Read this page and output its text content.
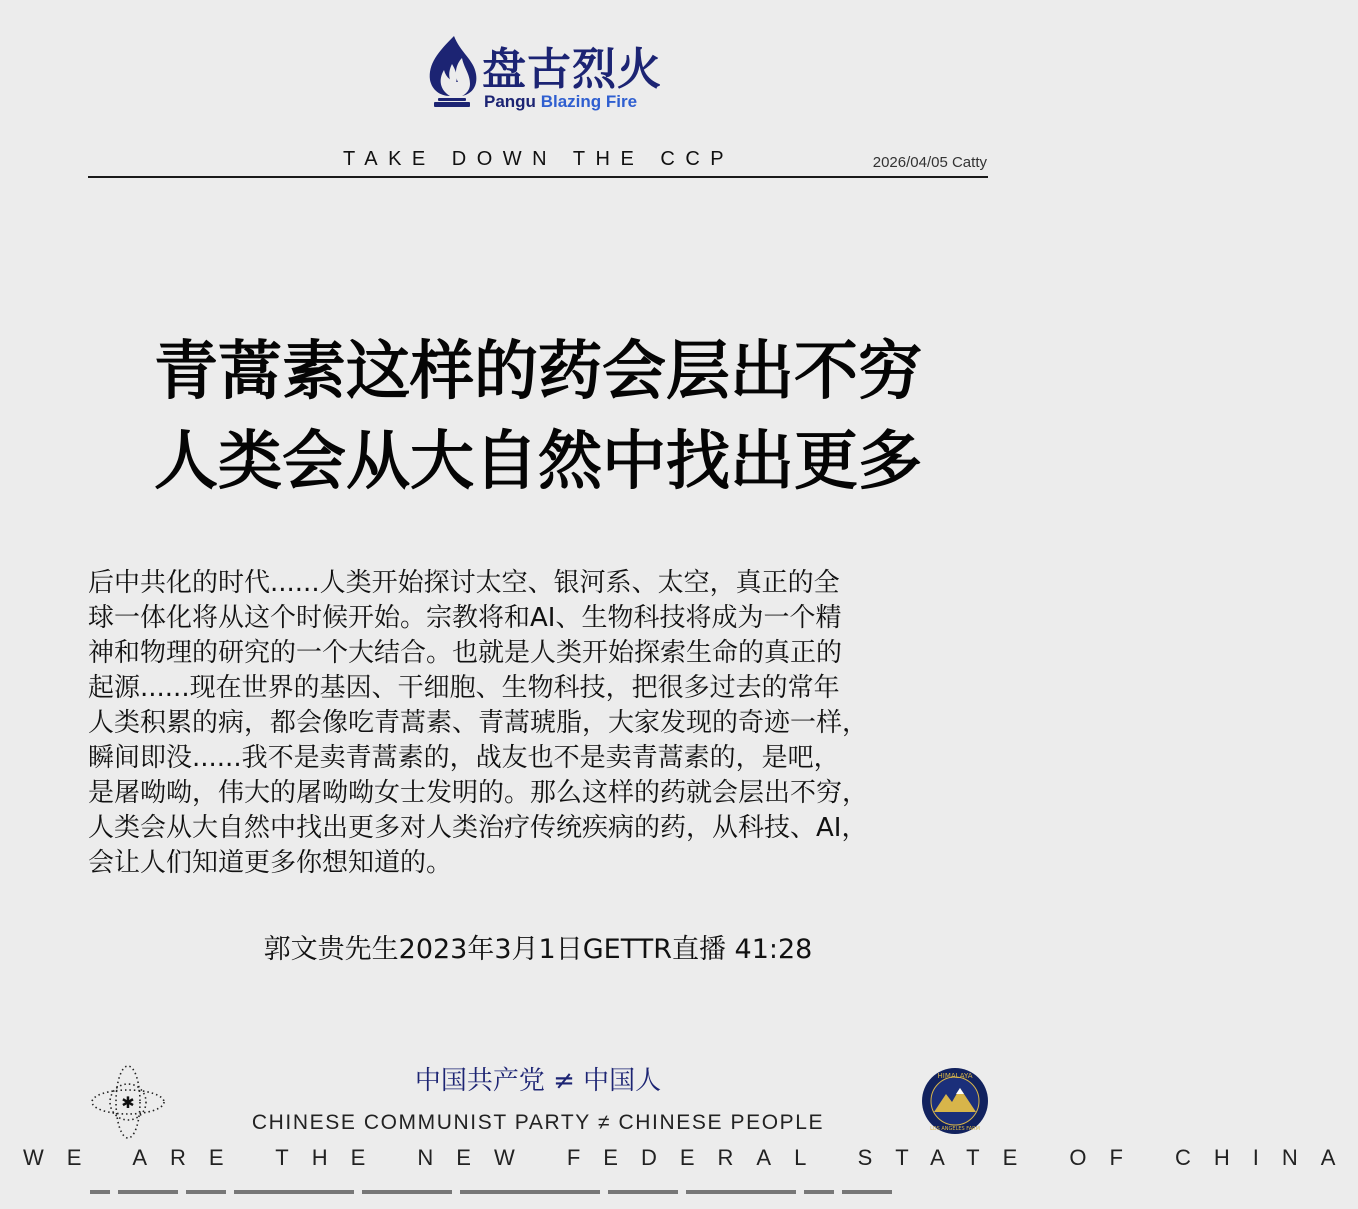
盘古烈火
Pangu Blazing Fire
TAKE DOWN THE CCP	2026/04/05 Catty
青蒿素这样的药会层出不穷
人类会从大自然中找出更多

后中共化的时代......人类开始探讨太空、银河系、太空，真正的全

球一体化将从这个时候开始。宗教将和AI、生物科技将成为一个精

神和物理的研究的一个大结合。也就是人类开始探索生命的真正的

起源......现在世界的基因、干细胞、生物科技，把很多过去的常年

人类积累的病，都会像吃青蒿素、青蒿琥脂，大家发现的奇迹一样，

瞬间即没......我不是卖青蒿素的，战友也不是卖青蒿素的，是吧，

是屠呦呦，伟大的屠呦呦女士发明的。那么这样的药就会层出不穷，

人类会从大自然中找出更多对人类治疗传统疾病的药，从科技、AI，

会让人们知道更多你想知道的。

郭文贵先生2023年3月1日GETTR直播 41:28
✱
中国共产党 ≠ 中国人
CHINESE COMMUNIST PARTY ≠ CHINESE PEOPLE
HIMALAYA
LOS ANGELES FARM
WE ARE THE NEW FEDERAL STATE OF CHINA
